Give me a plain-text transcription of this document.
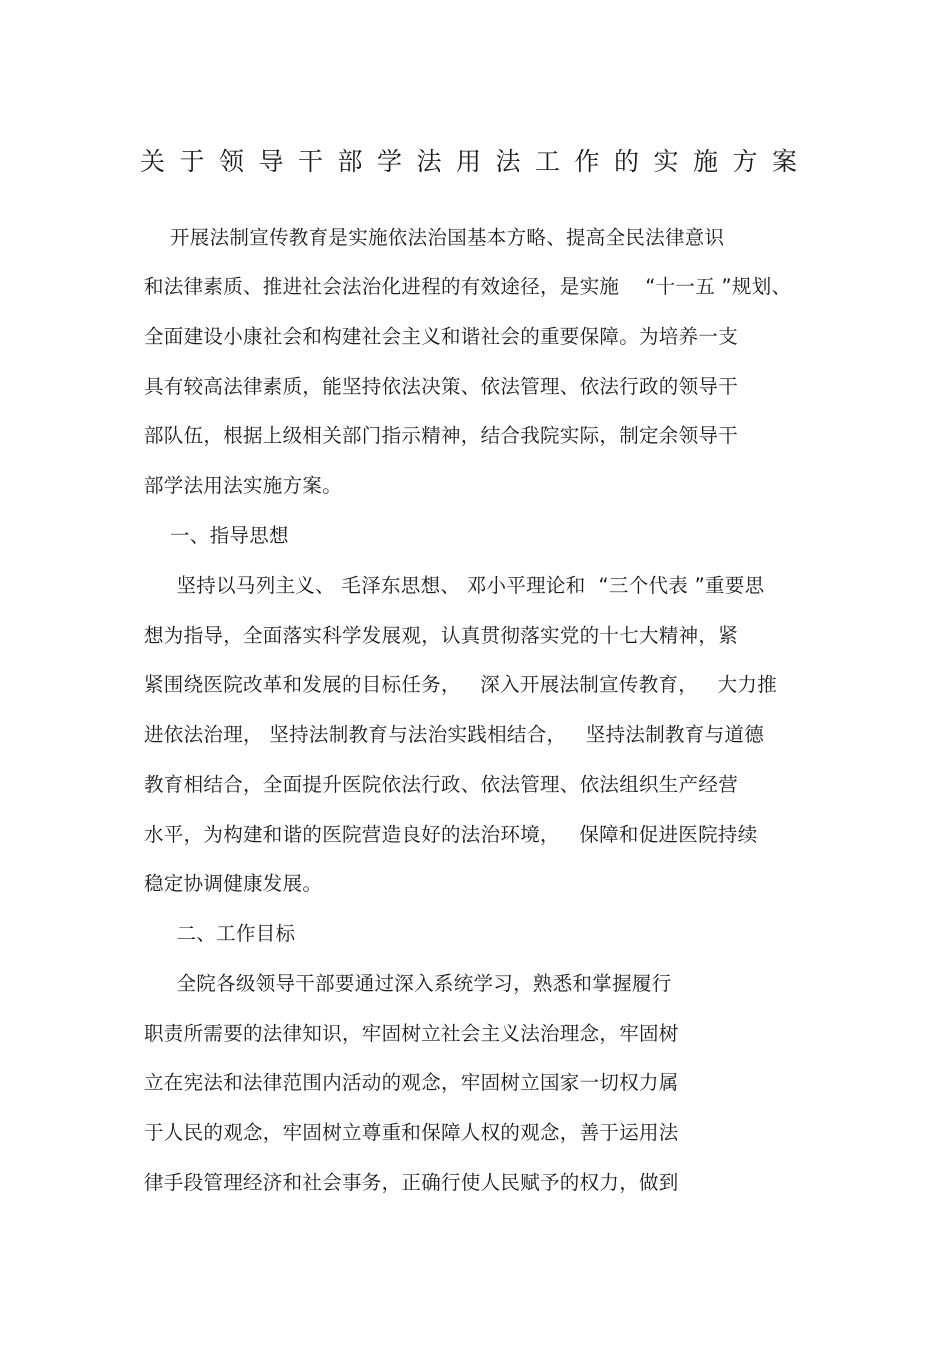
关于领导干部学法用法工作的实施方案
开展法制宣传教育是实施依法治国基本方略、提高全民法律意识
和法律素质、推进社会法治化进程的有效途径，是实施    “十一五 ”规划、
全面建设小康社会和构建社会主义和谐社会的重要保障。为培养一支
具有较高法律素质，能坚持依法决策、依法管理、依法行政的领导干
部队伍，根据上级相关部门指示精神，结合我院实际，制定余领导干
部学法用法实施方案。
一、指导思想
坚持以马列主义、 毛泽东思想、 邓小平理论和  “三个代表 ”重要思
想为指导，全面落实科学发展观，认真贯彻落实党的十七大精神，紧
紧围绕医院改革和发展的目标任务，   深入开展法制宣传教育，   大力推
进依法治理， 坚持法制教育与法治实践相结合，   坚持法制教育与道德
教育相结合，全面提升医院依法行政、依法管理、依法组织生产经营
水平，为构建和谐的医院营造良好的法治环境，   保障和促进医院持续
稳定协调健康发展。
二、工作目标
全院各级领导干部要通过深入系统学习，熟悉和掌握履行
职责所需要的法律知识，牢固树立社会主义法治理念，牢固树
立在宪法和法律范围内活动的观念，牢固树立国家一切权力属
于人民的观念，牢固树立尊重和保障人权的观念，善于运用法
律手段管理经济和社会事务，正确行使人民赋予的权力，做到
